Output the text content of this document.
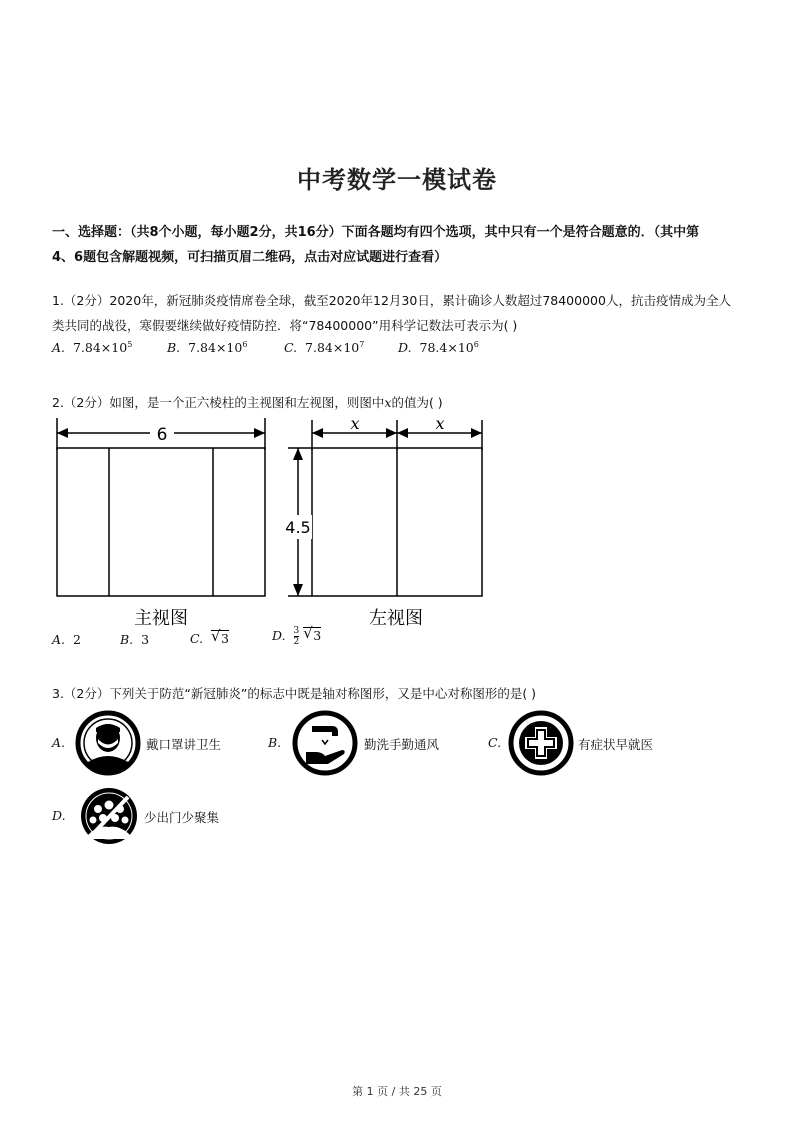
中考数学一模试卷
一、选择题：（共8个小题，每小题2分，共16分）下面各题均有四个选项，其中只有一个是符合题意的．（其中第
4、6题包含解题视频，可扫描页眉二维码，点击对应试题进行查看）
1.（2分）2020年，新冠肺炎疫情席卷全球，截至2020年12月30日，累计确诊人数超过78400000人，抗击疫情成为全人
类共同的战役，寒假要继续做好疫情防控．将“78400000”用科学记数法可表示为( )
A. $7.84\times 10^5$	B. $7.84\times 10^6$	C. $7.84\times 10^7$	D. $78.4\times 10^6$
2.（2分）如图，是一个正六棱柱的主视图和左视图，则图中x的值为( )
6
主视图
x	x
4.5
左视图
A. 2	B. 3	C. √ 3	D. $\frac{3}{2}$
√ 3
3.（2分）下列关于防范“新冠肺炎”的标志中既是轴对称图形，又是中心对称图形的是( )
A.	戴口罩讲卫生	B.	勤洗手勤通风	C.	有症状早就医
D.	少出门少聚集
第 1 页 / 共 25 页
